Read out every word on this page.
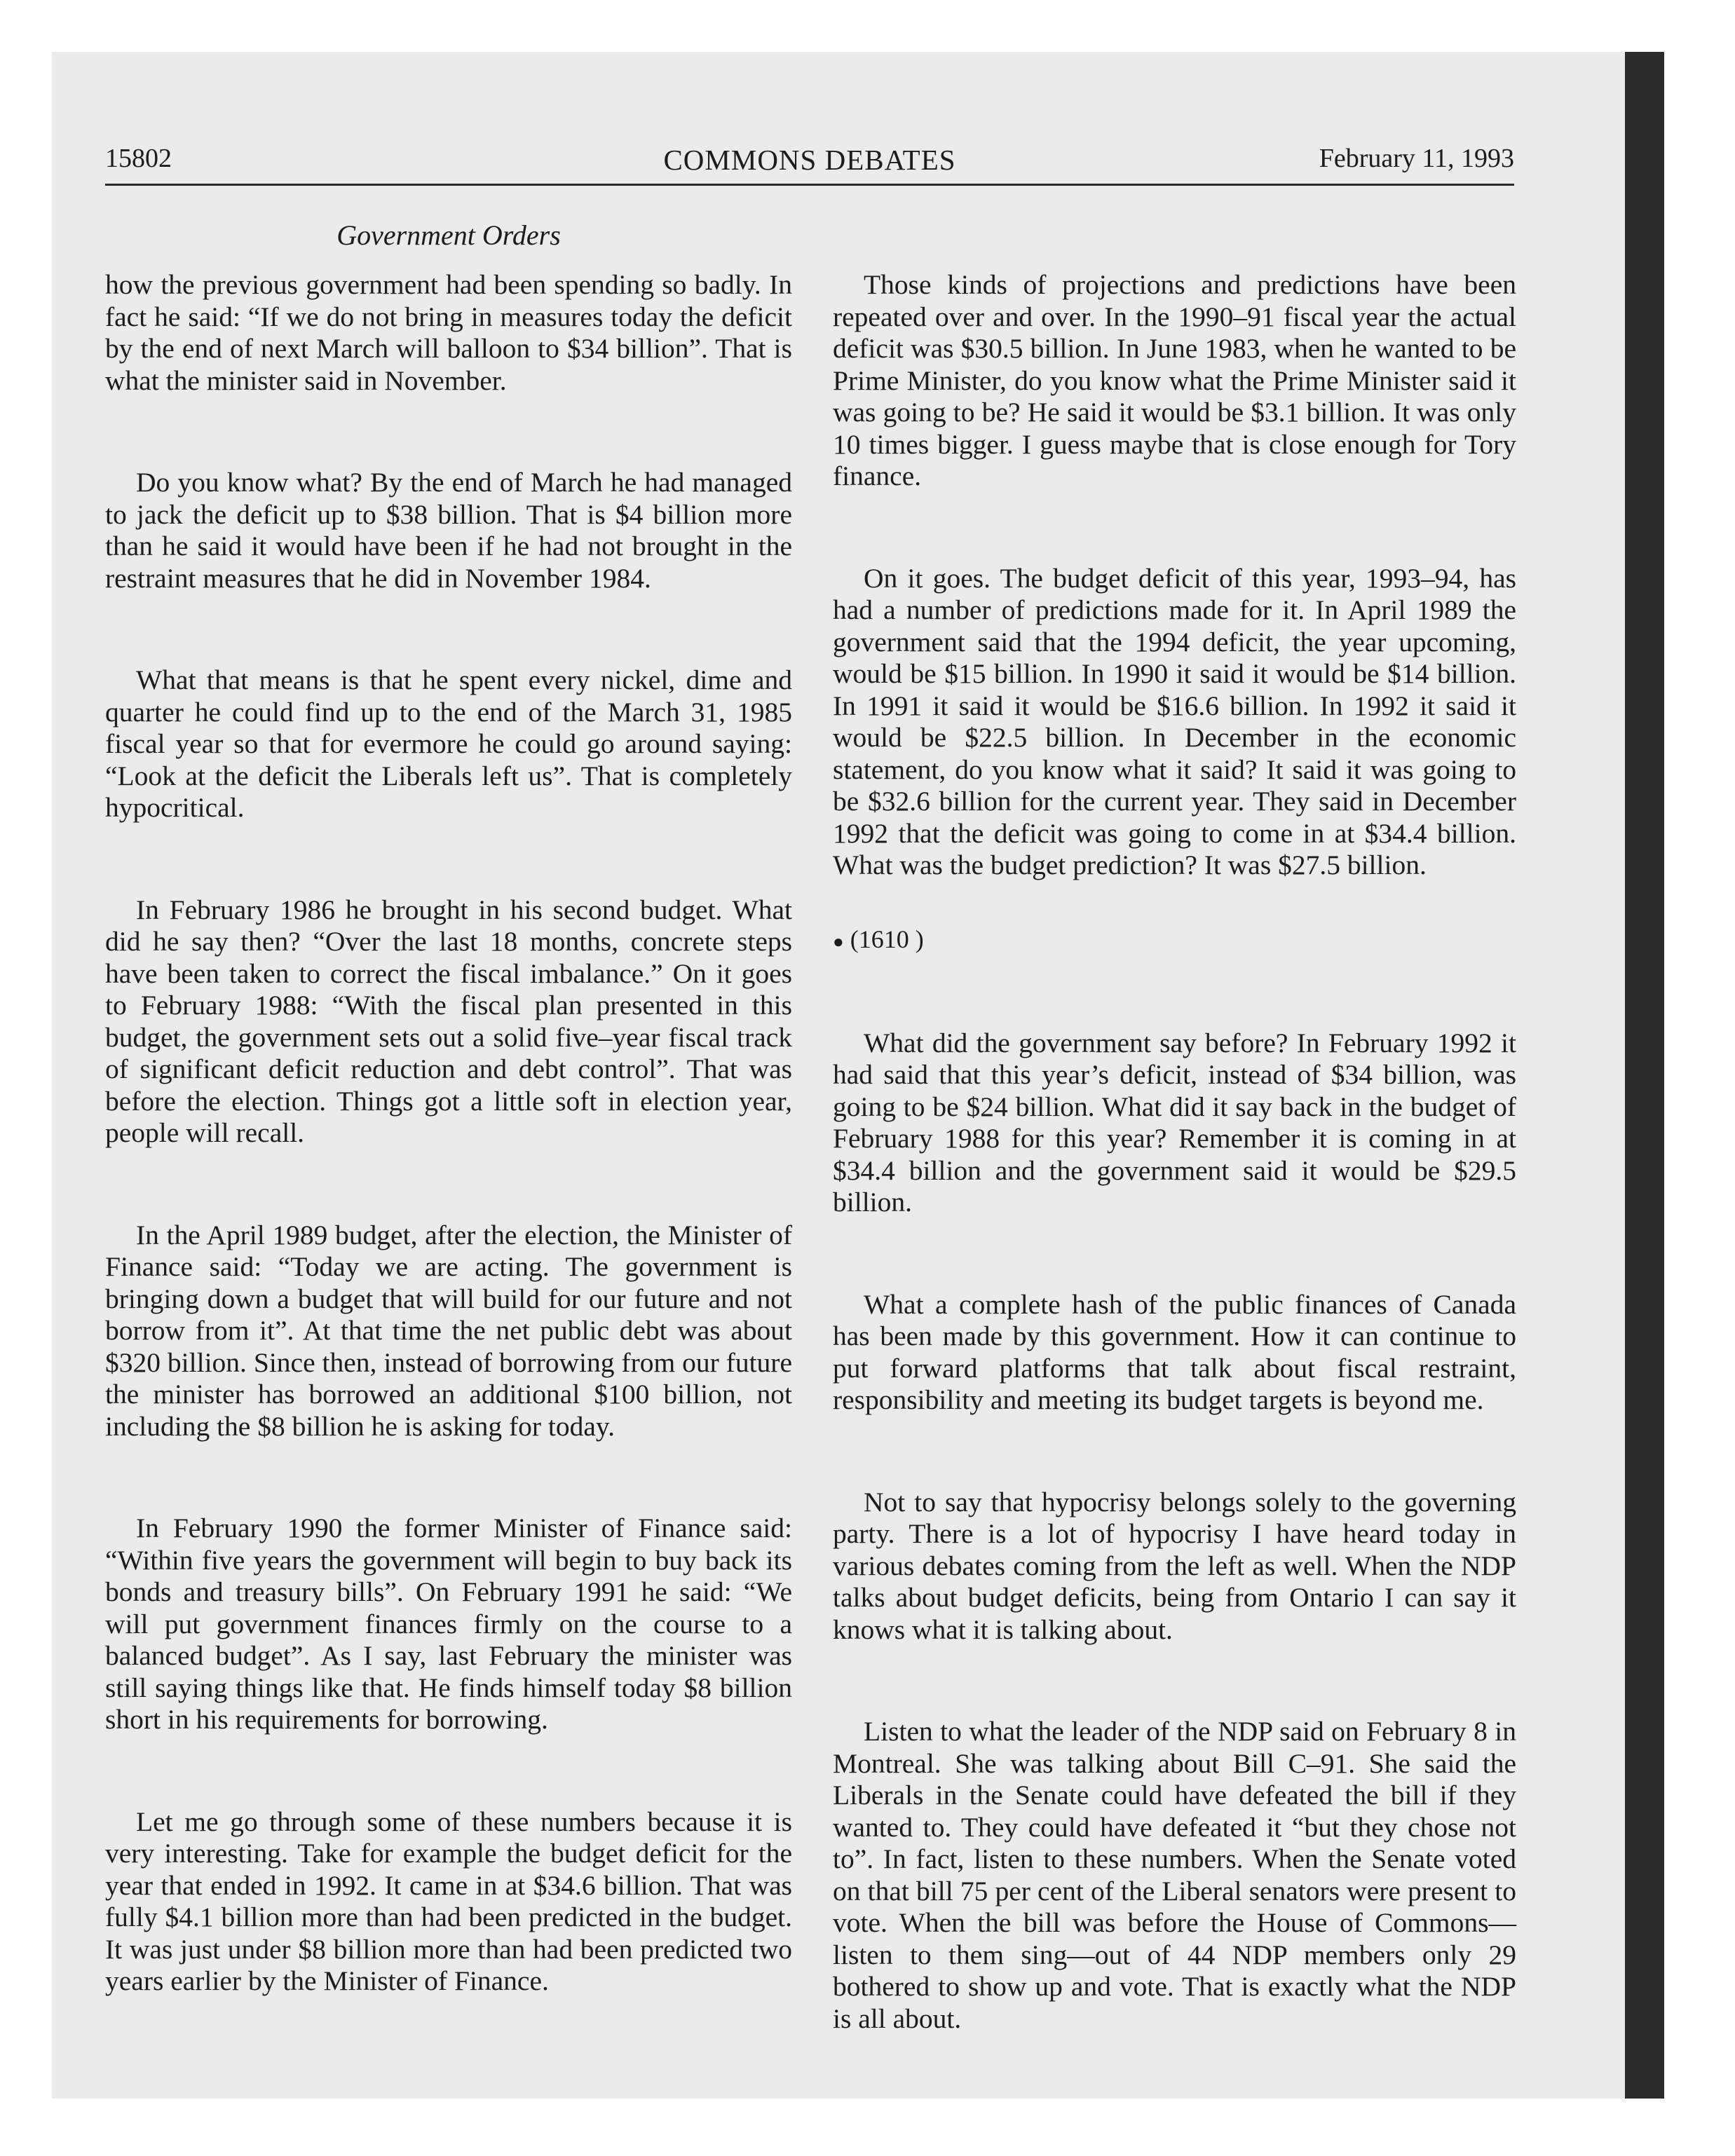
15802	COMMONS DEBATES	February 11, 1993
Government Orders

how the previous government had been spending so badly. In fact he said: “If we do not bring in measures today the deficit by the end of next March will balloon to $34 billion”. That is what the minister said in November.

Do you know what? By the end of March he had managed to jack the deficit up to $38 billion. That is $4 billion more than he said it would have been if he had not brought in the restraint measures that he did in November 1984.

What that means is that he spent every nickel, dime and quarter he could find up to the end of the March 31, 1985 fiscal year so that for evermore he could go around saying: “Look at the deficit the Liberals left us”. That is completely hypocritical.

In February 1986 he brought in his second budget. What did he say then? “Over the last 18 months, concrete steps have been taken to correct the fiscal imbalance.” On it goes to February 1988: “With the fiscal plan presented in this budget, the government sets out a solid five–year fiscal track of significant deficit reduction and debt control”. That was before the election. Things got a little soft in election year, people will recall.

In the April 1989 budget, after the election, the Minister of Finance said: “Today we are acting. The government is bringing down a budget that will build for our future and not borrow from it”. At that time the net public debt was about $320 billion. Since then, instead of borrowing from our future the minister has borrowed an additional $100 billion, not including the $8 billion he is asking for today.

In February 1990 the former Minister of Finance said: “Within five years the government will begin to buy back its bonds and treasury bills”. On February 1991 he said: “We will put government finances firmly on the course to a balanced budget”. As I say, last February the minister was still saying things like that. He finds himself today $8 billion short in his requirements for borrowing.

Let me go through some of these numbers because it is very interesting. Take for example the budget deficit for the year that ended in 1992. It came in at $34.6 billion. That was fully $4.1 billion more than had been predicted in the budget. It was just under $8 billion more than had been predicted two years earlier by the Minister of Finance.

Those kinds of projections and predictions have been repeated over and over. In the 1990–91 fiscal year the actual deficit was $30.5 billion. In June 1983, when he wanted to be Prime Minister, do you know what the Prime Minister said it was going to be? He said it would be $3.1 billion. It was only 10 times bigger. I guess maybe that is close enough for Tory finance.

On it goes. The budget deficit of this year, 1993–94, has had a number of predictions made for it. In April 1989 the government said that the 1994 deficit, the year upcoming, would be $15 billion. In 1990 it said it would be $14 billion. In 1991 it said it would be $16.6 billion. In 1992 it said it would be $22.5 billion. In December in the economic statement, do you know what it said? It said it was going to be $32.6 billion for the current year. They said in December 1992 that the deficit was going to come in at $34.4 billion. What was the budget prediction? It was $27.5 billion.

● (1610 )

What did the government say before? In February 1992 it had said that this year’s deficit, instead of $34 billion, was going to be $24 billion. What did it say back in the budget of February 1988 for this year? Remember it is coming in at $34.4 billion and the government said it would be $29.5 billion.

What a complete hash of the public finances of Canada has been made by this government. How it can continue to put forward platforms that talk about fiscal restraint, responsibility and meeting its budget targets is beyond me.

Not to say that hypocrisy belongs solely to the governing party. There is a lot of hypocrisy I have heard today in various debates coming from the left as well. When the NDP talks about budget deficits, being from Ontario I can say it knows what it is talking about.

Listen to what the leader of the NDP said on February 8 in Montreal. She was talking about Bill C–91. She said the Liberals in the Senate could have defeated the bill if they wanted to. They could have defeated it “but they chose not to”. In fact, listen to these numbers. When the Senate voted on that bill 75 per cent of the Liberal senators were present to vote. When the bill was before the House of Commons—listen to them sing—out of 44 NDP members only 29 bothered to show up and vote. That is exactly what the NDP is all about.
